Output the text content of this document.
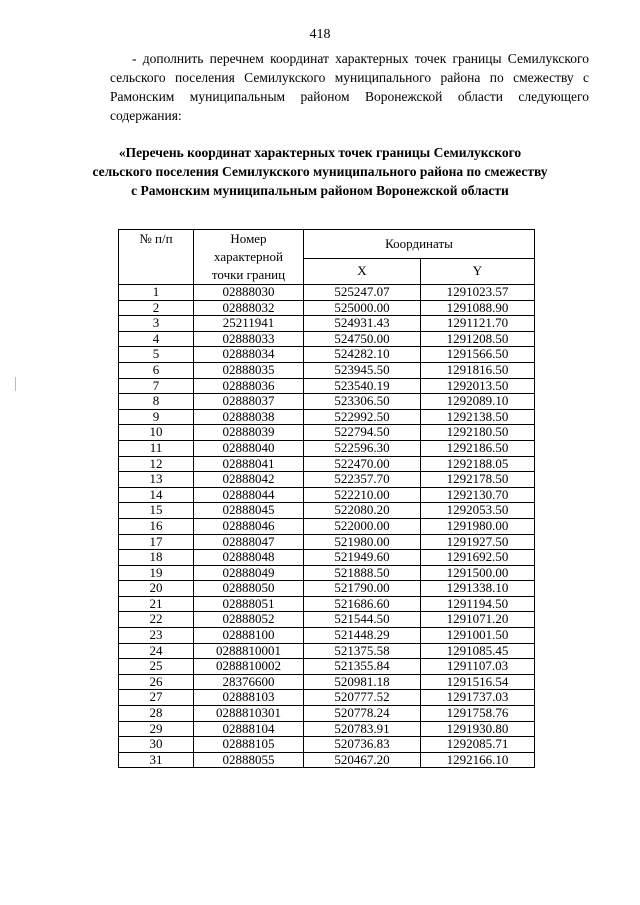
418
- дополнить перечнем координат характерных точек границы Семилукского сельского поселения Семилукского муниципального района по смежеству с Рамонским муниципальным районом Воронежской области следующего содержания:
«Перечень координат характерных точек границы Семилукского сельского поселения Семилукского муниципального района по смежеству с Рамонским муниципальным районом Воронежской области
№ п/п	Номер характерной точки границ	Координаты	
		X	Y
1	02888030	525247.07	1291023.57
2	02888032	525000.00	1291088.90
3	25211941	524931.43	1291121.70
4	02888033	524750.00	1291208.50
5	02888034	524282.10	1291566.50
6	02888035	523945.50	1291816.50
7	02888036	523540.19	1292013.50
8	02888037	523306.50	1292089.10
9	02888038	522992.50	1292138.50
10	02888039	522794.50	1292180.50
11	02888040	522596.30	1292186.50
12	02888041	522470.00	1292188.05
13	02888042	522357.70	1292178.50
14	02888044	522210.00	1292130.70
15	02888045	522080.20	1292053.50
16	02888046	522000.00	1291980.00
17	02888047	521980.00	1291927.50
18	02888048	521949.60	1291692.50
19	02888049	521888.50	1291500.00
20	02888050	521790.00	1291338.10
21	02888051	521686.60	1291194.50
22	02888052	521544.50	1291071.20
23	02888100	521448.29	1291001.50
24	0288810001	521375.58	1291085.45
25	0288810002	521355.84	1291107.03
26	28376600	520981.18	1291516.54
27	02888103	520777.52	1291737.03
28	0288810301	520778.24	1291758.76
29	02888104	520783.91	1291930.80
30	02888105	520736.83	1292085.71
31	02888055	520467.20	1292166.10
